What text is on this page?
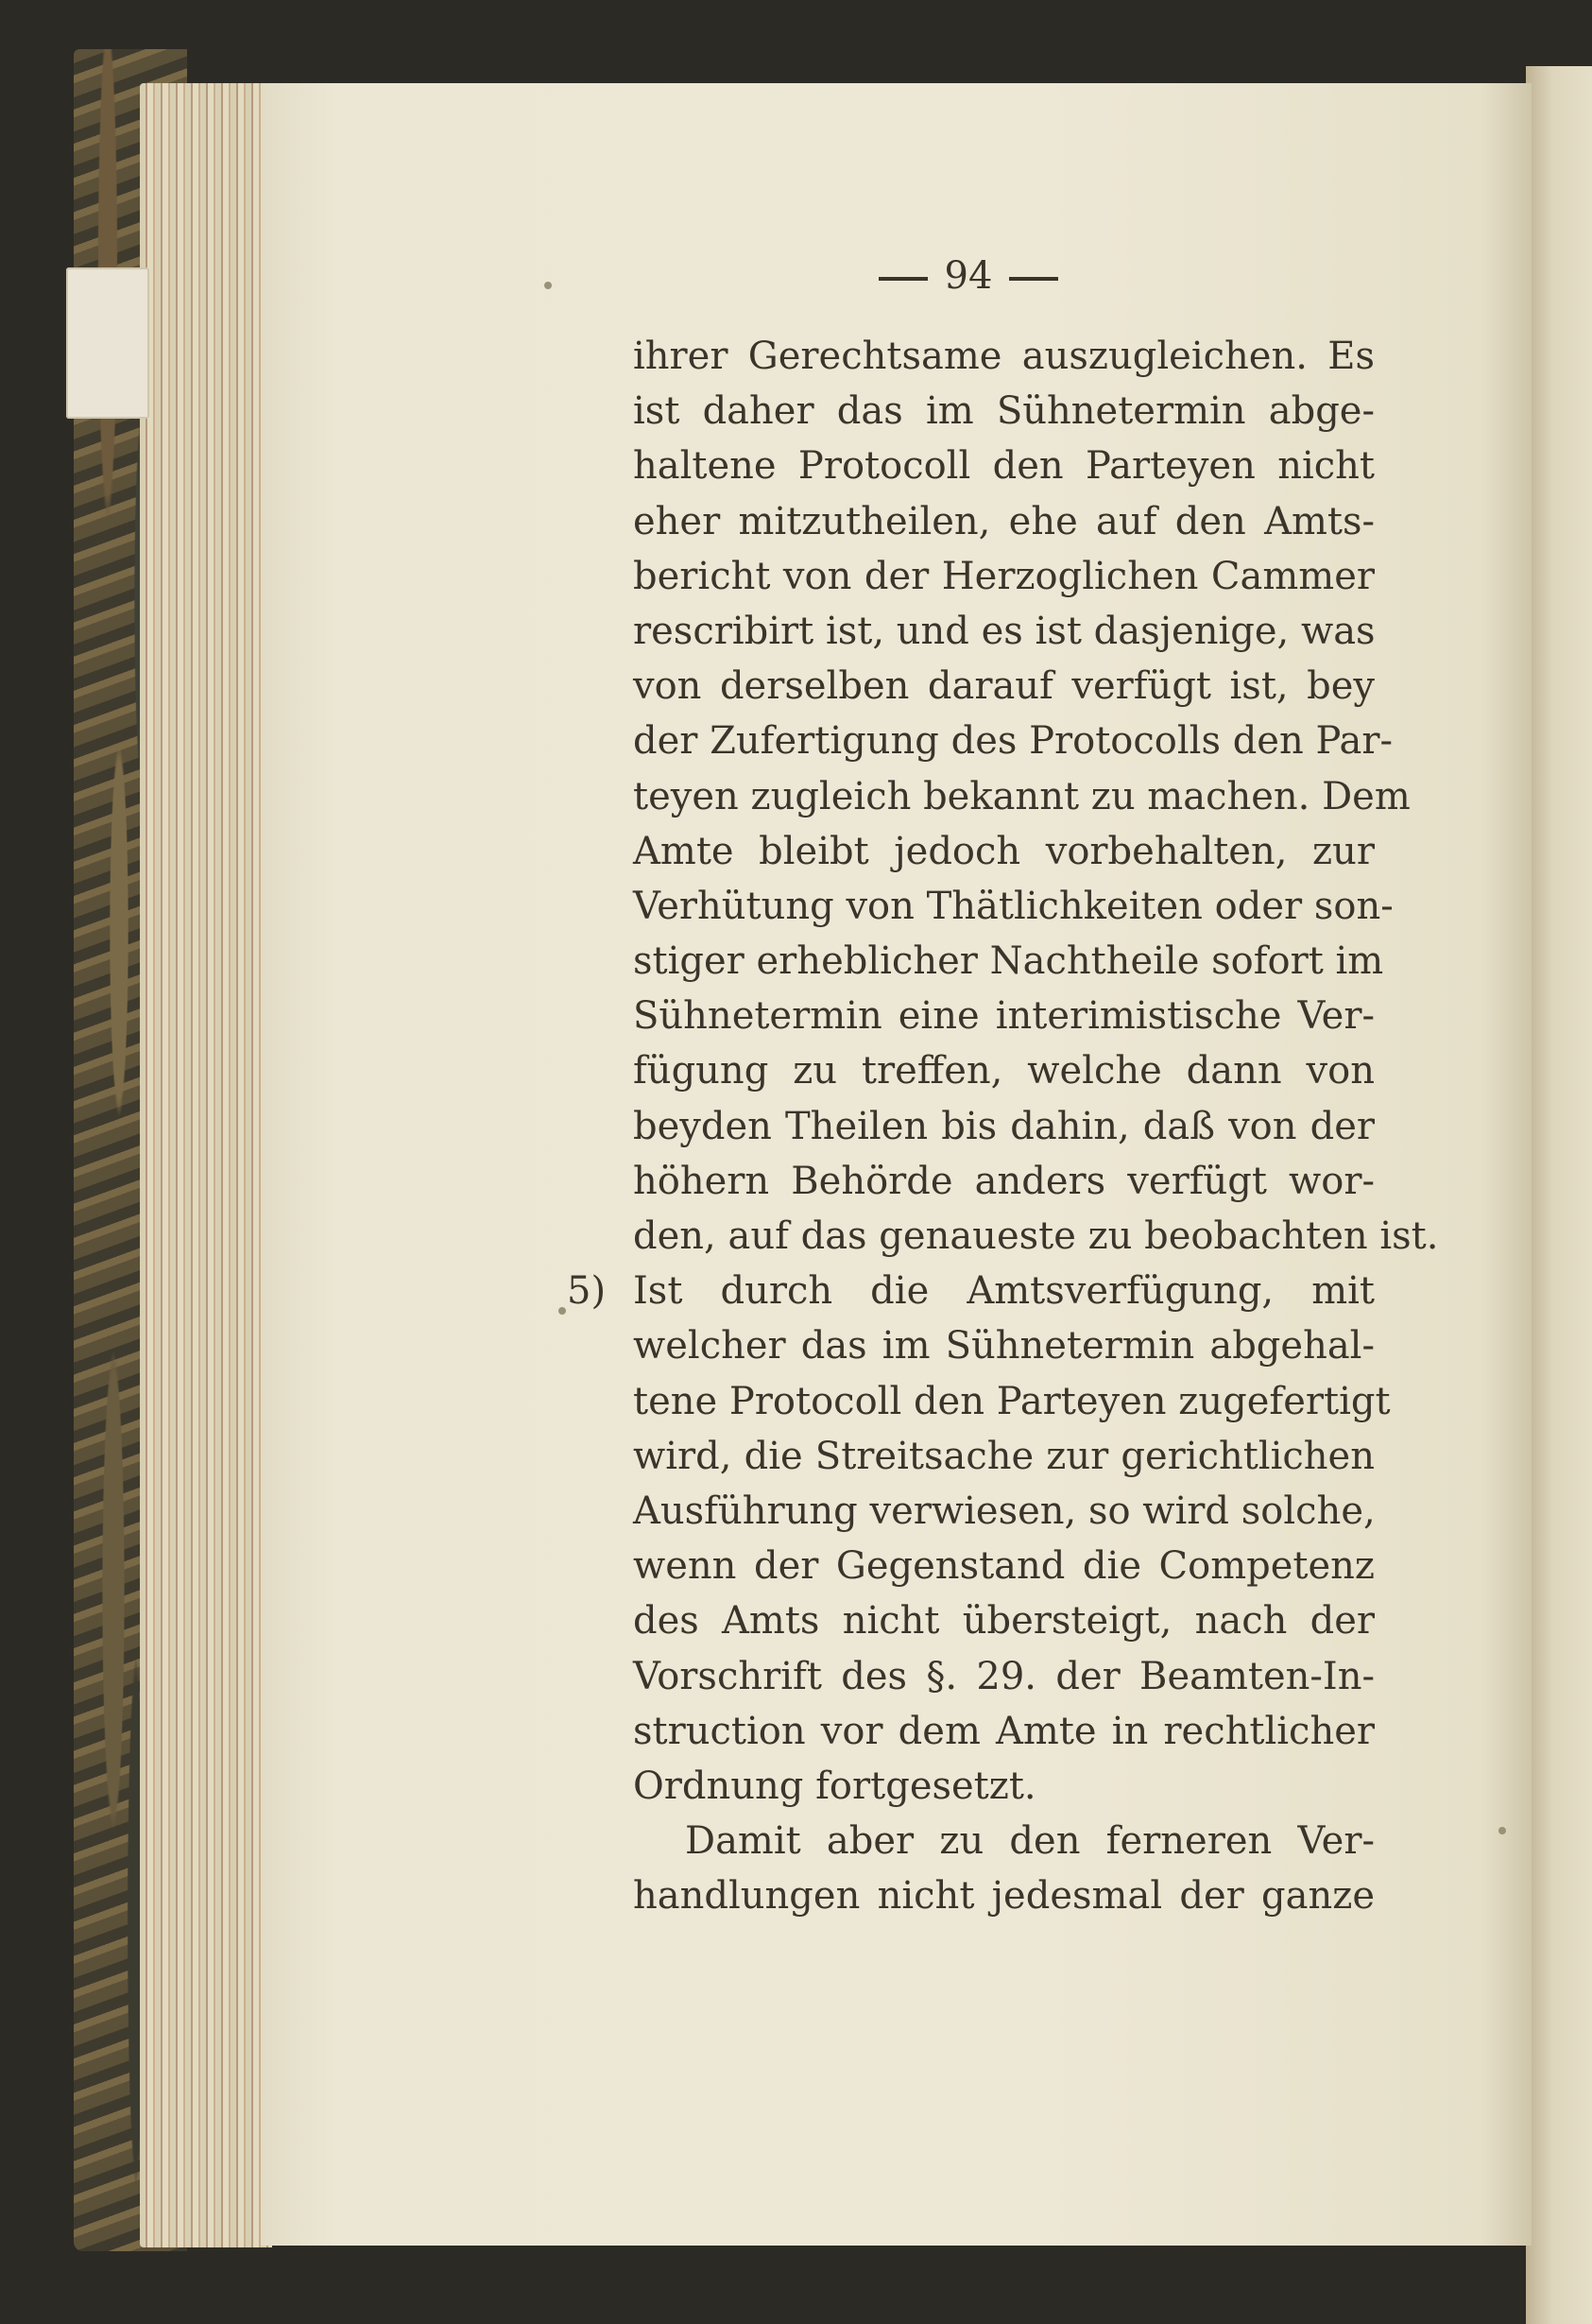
94
ihrer Gerechtsame auszugleichen. Es
ist daher das im Sühnetermin abge-
haltene Protocoll den Parteyen nicht
eher mitzutheilen, ehe auf den Amts-
bericht von der Herzoglichen Cammer
rescribirt ist, und es ist dasjenige, was
von derselben darauf verfügt ist, bey
der Zufertigung des Protocolls den Par-
teyen zugleich bekannt zu machen. Dem
Amte bleibt jedoch vorbehalten, zur
Verhütung von Thätlichkeiten oder son-
stiger erheblicher Nachtheile sofort im
Sühnetermin eine interimistische Ver-
fügung zu treffen, welche dann von
beyden Theilen bis dahin, daß von der
höhern Behörde anders verfügt wor-
den, auf das genaueste zu beobachten ist.
5) Ist durch die Amtsverfügung, mit
welcher das im Sühnetermin abgehal-
tene Protocoll den Parteyen zugefertigt
wird, die Streitsache zur gerichtlichen
Ausführung verwiesen, so wird solche,
wenn der Gegenstand die Competenz
des Amts nicht übersteigt, nach der
Vorschrift des §. 29. der Beamten-In-
struction vor dem Amte in rechtlicher
Ordnung fortgesetzt.
Damit aber zu den ferneren Ver-
handlungen nicht jedesmal der ganze
